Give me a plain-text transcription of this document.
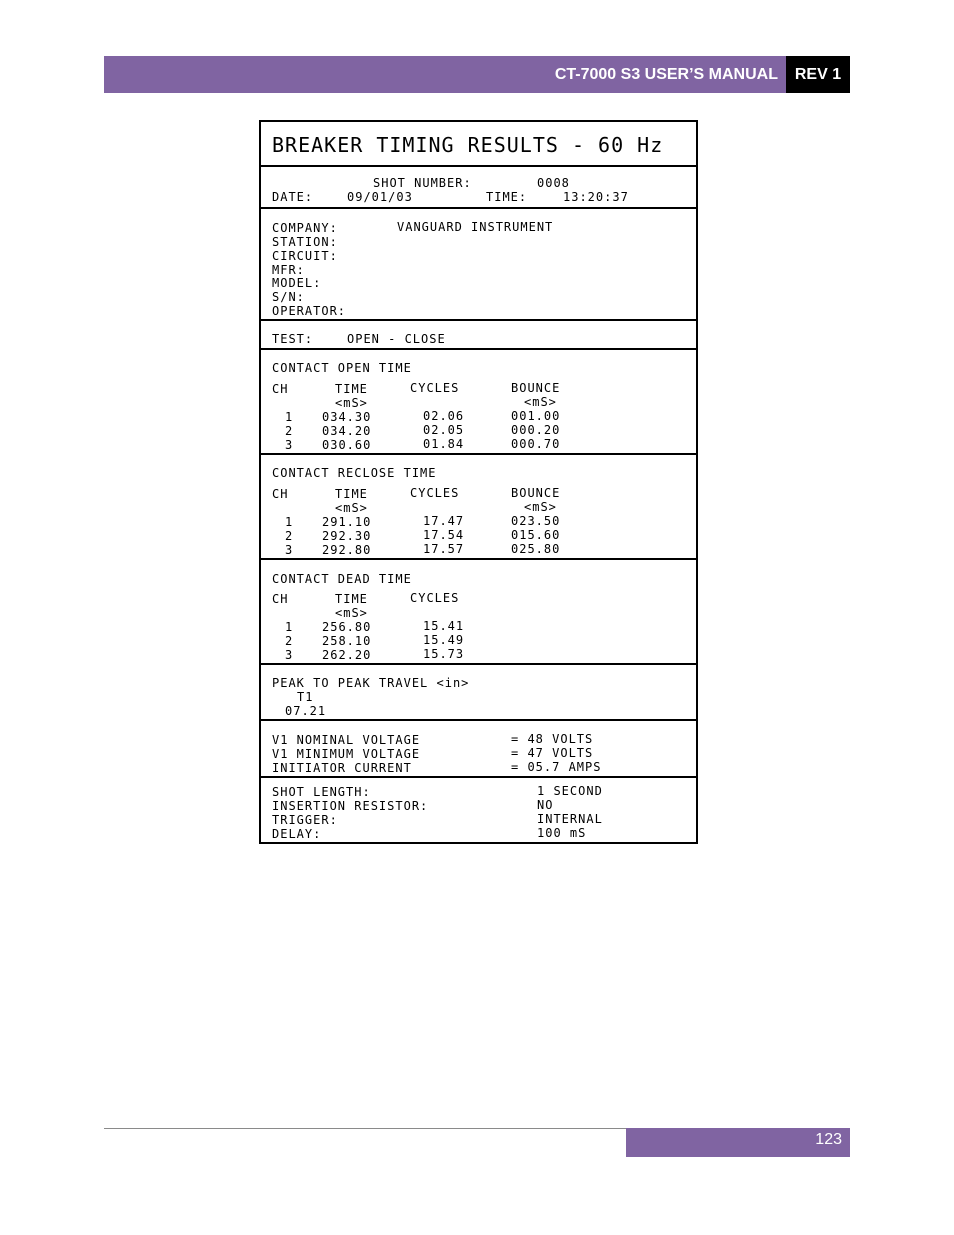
CT-7000 S3 USER’S MANUAL	REV 1
BREAKER TIMING RESULTS - 60 Hz
SHOT NUMBER:	0008
DATE:	09/01/03	TIME:	13:20:37
COMPANY:	VANGUARD INSTRUMENT
STATION:
CIRCUIT:
MFR:
MODEL:
S/N:
OPERATOR:
TEST:	OPEN - CLOSE
CONTACT OPEN TIME
CH	TIME	CYCLES	BOUNCE
<mS>	<mS>
1 034.30	02.06	001.00
2 034.20	02.05	000.20
3 030.60	01.84	000.70
CONTACT RECLOSE TIME
CH	TIME	CYCLES	BOUNCE
<mS>	<mS>
1 291.10	17.47	023.50
2 292.30	17.54	015.60
3 292.80	17.57	025.80
CONTACT DEAD TIME
CH	TIME	CYCLES
<mS>
1 256.80	15.41
2 258.10	15.49
3 262.20	15.73
PEAK TO PEAK TRAVEL <in>
T1
07.21
V1 NOMINAL VOLTAGE	= 48 VOLTS
V1 MINIMUM VOLTAGE	= 47 VOLTS
INITIATOR CURRENT	= 05.7 AMPS
SHOT LENGTH:	1 SECOND
INSERTION RESISTOR:	NO
TRIGGER:	INTERNAL
DELAY:	100 mS
123
